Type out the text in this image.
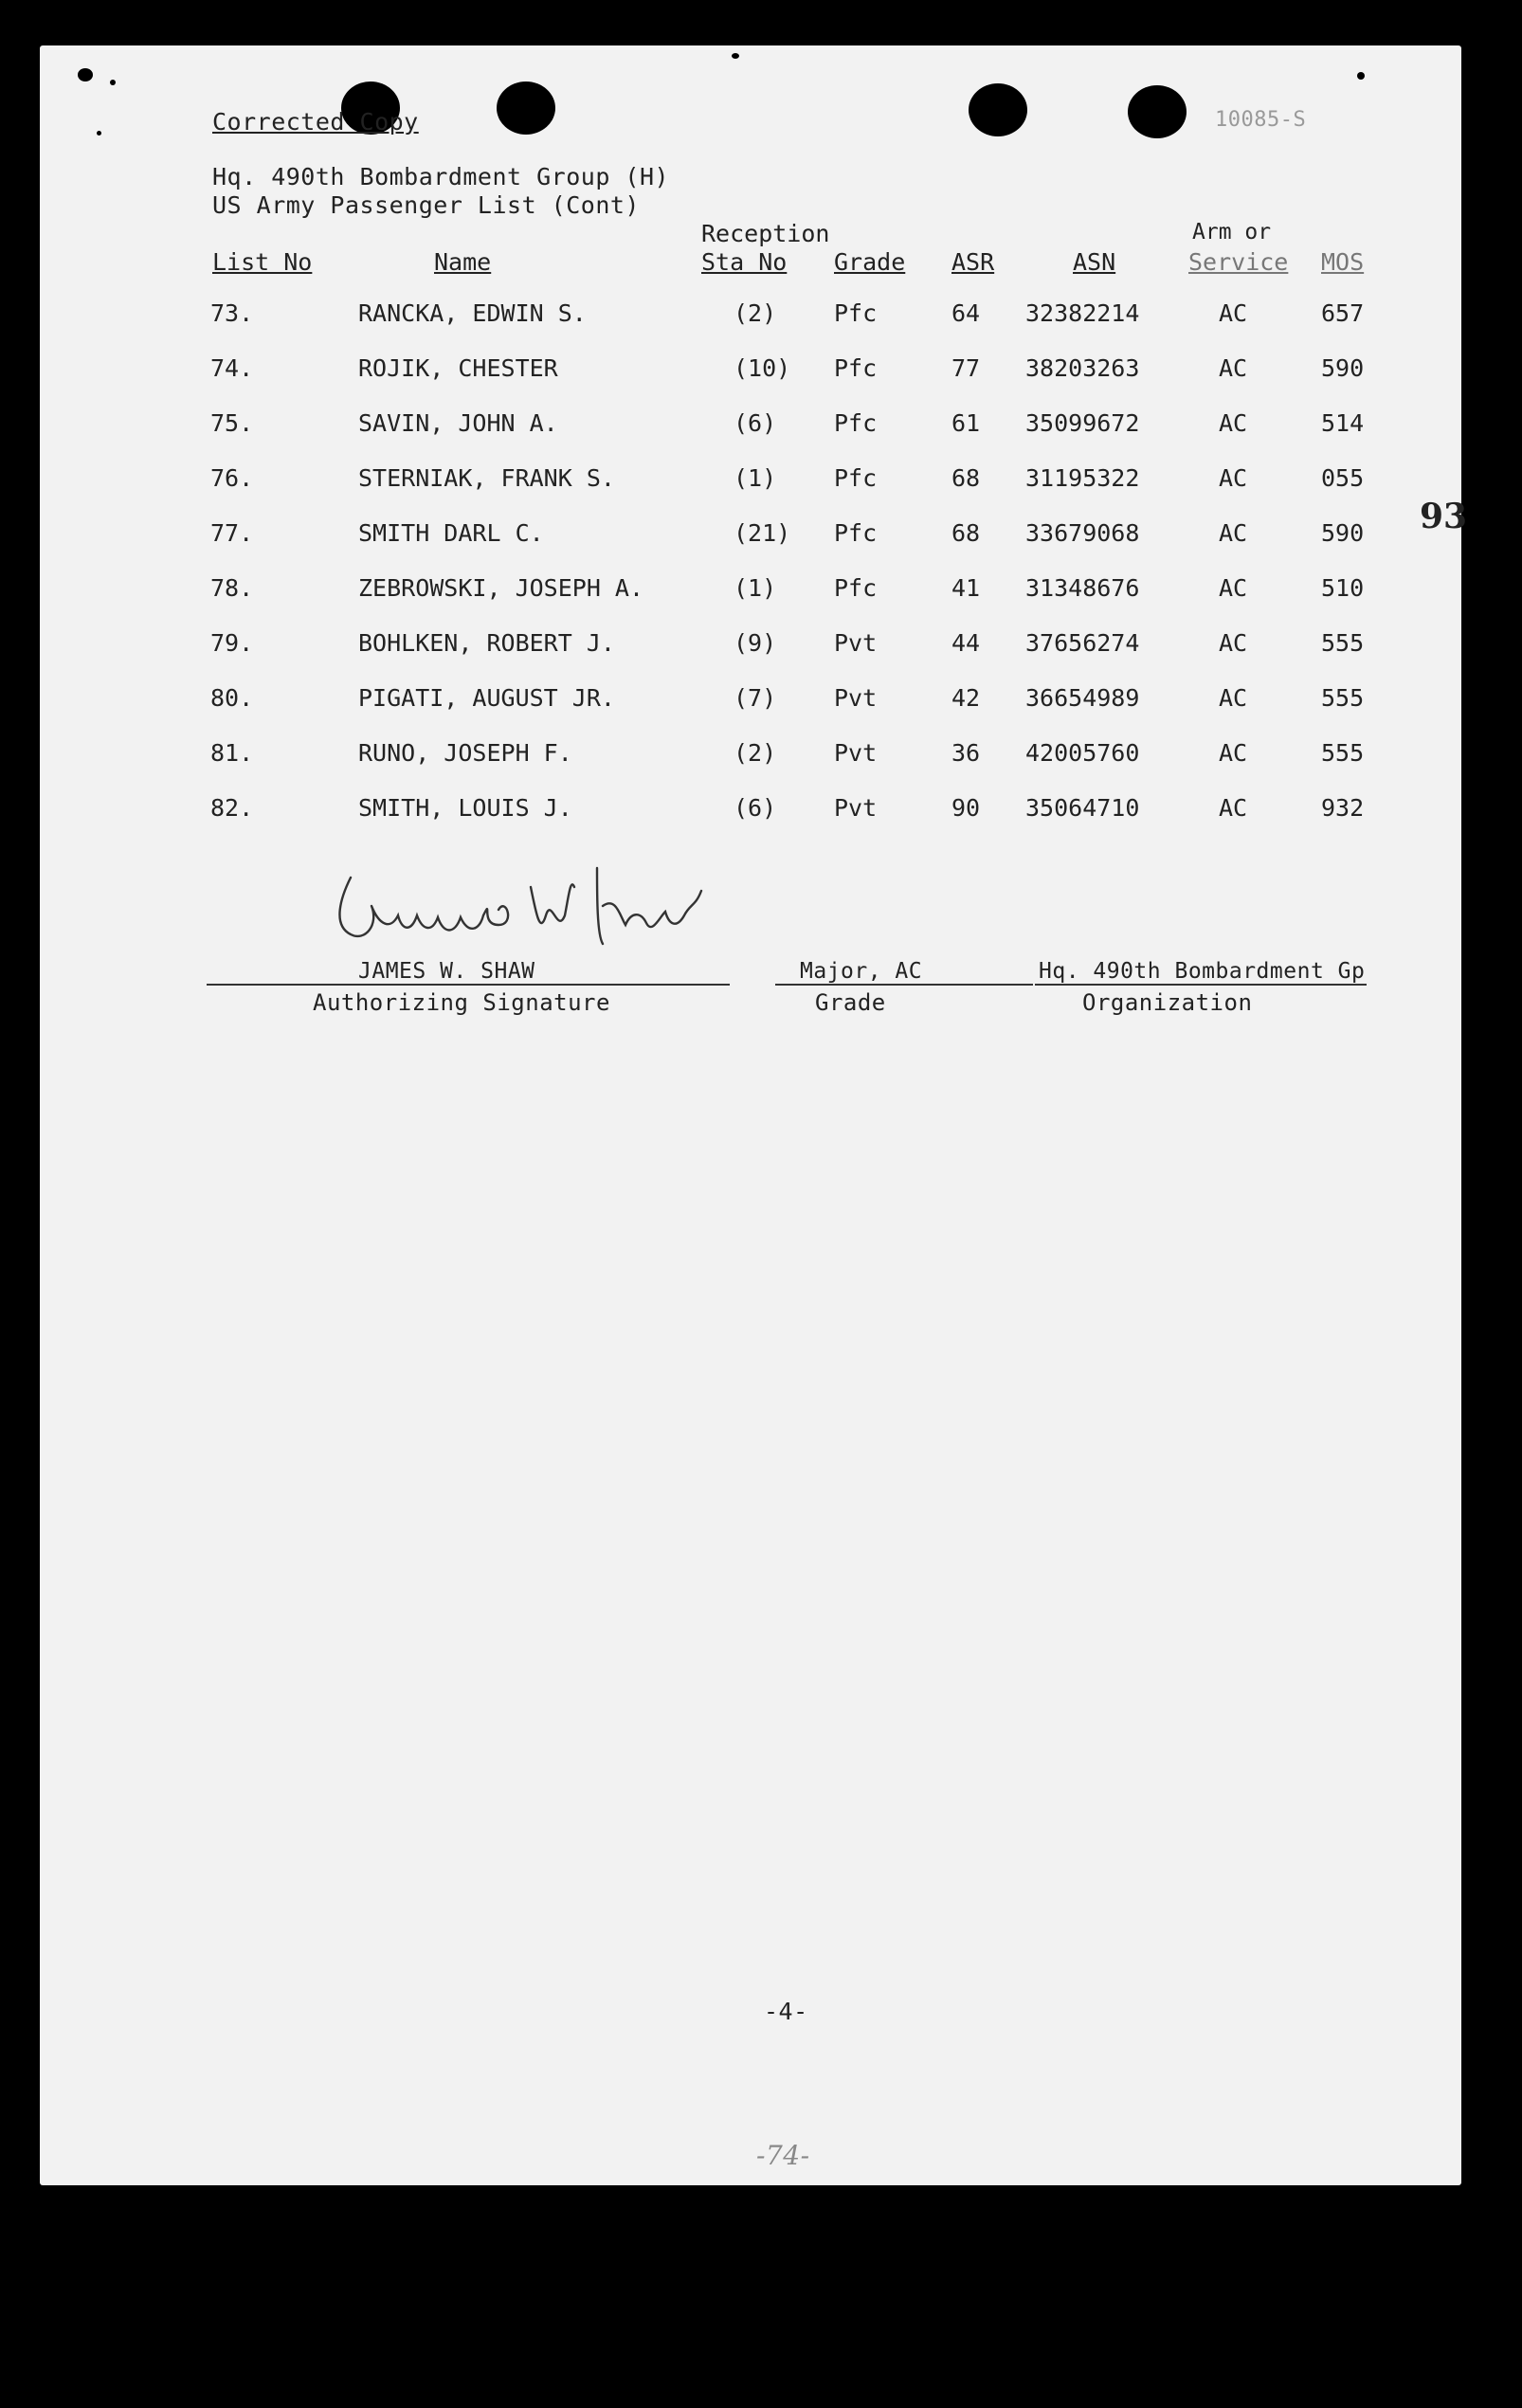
Corrected Copy	10085-S
Hq. 490th Bombardment Group (H)
US Army Passenger List (Cont)
Reception	Arm or
List No	Name	Sta No Grade ASR	ASN	Service MOS
73.	RANCKA, EDWIN S.	(2) Pfc	64 32382214	AC	657
74.	ROJIK, CHESTER	(10) Pfc	77 38203263	AC	590
75.	SAVIN, JOHN A.	(6) Pfc	61 35099672	AC	514
76.	STERNIAK, FRANK S.	(1) Pfc	68 31195322	AC	055
77.	SMITH DARL C.	(21) Pfc	68 33679068	AC	590
78.	ZEBROWSKI, JOSEPH A.	(1) Pfc	41 31348676	AC	510
79.	BOHLKEN, ROBERT J.	(9) Pvt	44 37656274	AC	555
80.	PIGATI, AUGUST JR.	(7) Pvt	42 36654989	AC	555
81.	RUNO, JOSEPH F.	(2) Pvt	36 42005760	AC	555
82.	SMITH, LOUIS J.	(6) Pvt	90 35064710	AC	932
93
JAMES W. SHAW
Authorizing Signature
Major, AC
Grade
Hq. 490th Bombardment Gp
Organization
-4-
-74-
